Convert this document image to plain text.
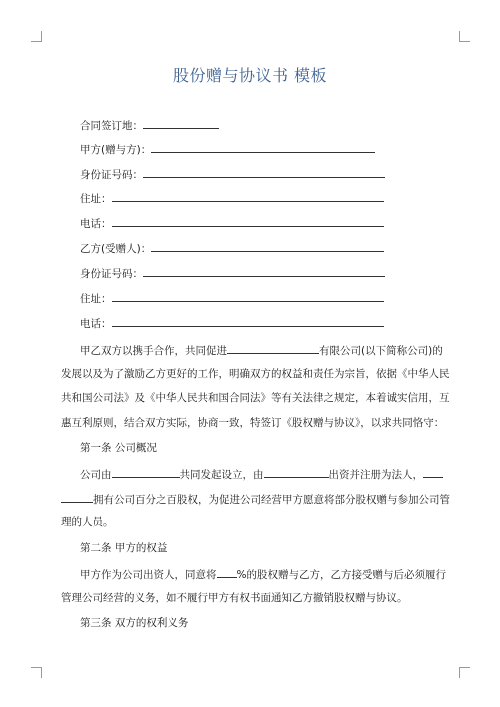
股份赠与协议书 模板
合同签订地：
甲方(赠与方)：
身份证号码：
住址：
电话：
乙方(受赠人)：
身份证号码：
住址：
电话：
甲乙双方以携手合作，共同促进	有限公司(以下简称公司)的
发展以及为了激励乙方更好的工作，明确双方的权益和责任为宗旨，依据《中华人民
共和国公司法》及《中华人民共和国合同法》等有关法律之规定，本着诚实信用，互
惠互利原则，结合双方实际，协商一致，特签订《股权赠与协议》，以求共同恪守：
第一条 公司概况
公司由	共同发起设立，由	出资并注册为法人，
拥有公司百分之百股权，为促进公司经营甲方愿意将部分股权赠与参加公司管
理的人员。
第二条 甲方的权益
甲方作为公司出资人，同意将 %的股权赠与乙方，乙方接受赠与后必须履行
管理公司经营的义务，如不履行甲方有权书面通知乙方撤销股权赠与协议。
第三条 双方的权利义务
